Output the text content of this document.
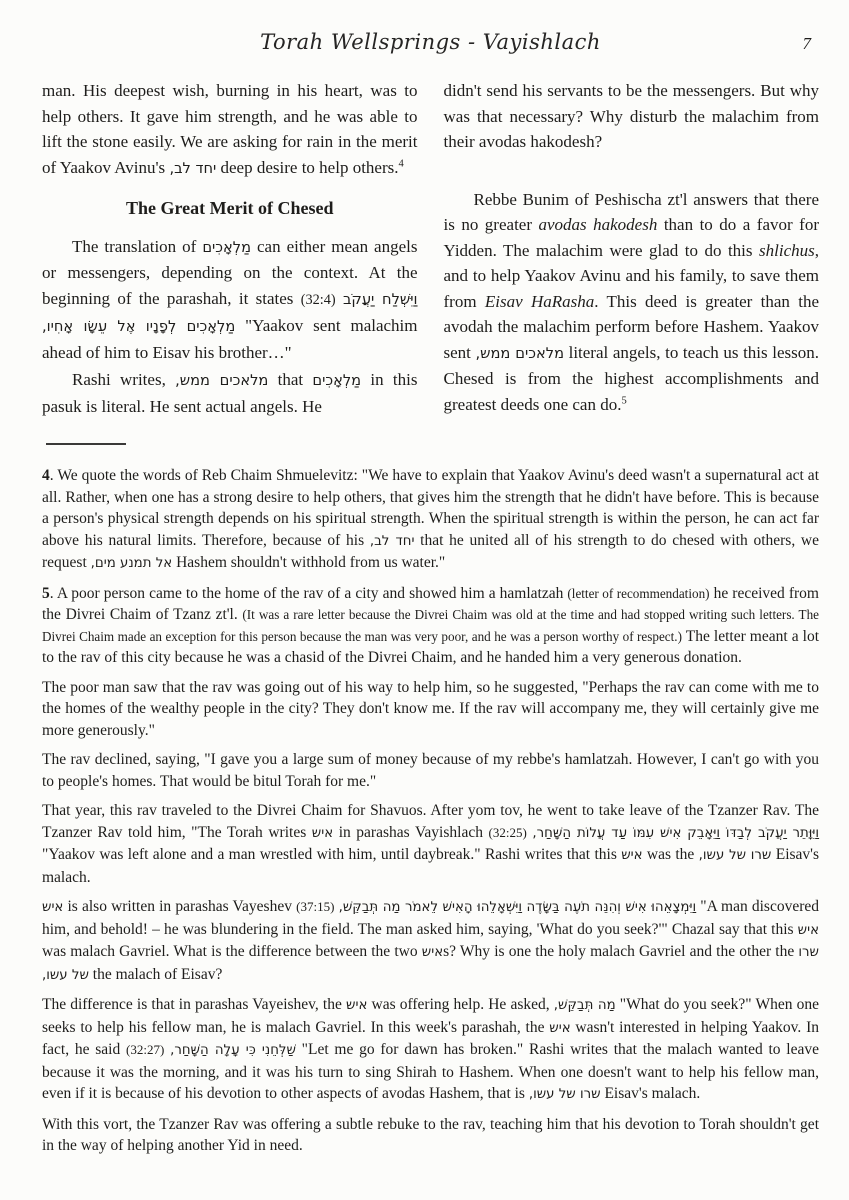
Torah Wellsprings - Vayishlach	7

man. His deepest wish, burning in his heart, was to help others. It gave him strength, and he was able to lift the stone easily. We are asking for rain in the merit of Yaakov Avinu's יחד לב, deep desire to help others.$^4$

The Great Merit of Chesed

The translation of מַלְאָכִים can either mean angels or messengers, depending on the context. At the beginning of the parashah, it states (32:4) וַיִּשְׁלַח יַעֲקֹב מַלְאָכִים לְפָנָיו אֶל עֵשָׂו אָחִיו, "Yaakov sent malachim ahead of him to Eisav his brother…"

Rashi writes, מלאכים ממש, that מַלְאָכִים in this pasuk is literal. He sent actual angels. He

didn't send his servants to be the messengers. But why was that necessary? Why disturb the malachim from their avodas hakodesh?

Rebbe Bunim of Peshischa zt'l answers that there is no greater avodas hakodesh than to do a favor for Yidden. The malachim were glad to do this shlichus, and to help Yaakov Avinu and his family, to save them from Eisav HaRasha. This deed is greater than the avodah the malachim perform before Hashem. Yaakov sent מלאכים ממש, literal angels, to teach us this lesson. Chesed is from the highest accomplishments and greatest deeds one can do.$^5$

4. We quote the words of Reb Chaim Shmuelevitz: "We have to explain that Yaakov Avinu's deed wasn't a supernatural act at all. Rather, when one has a strong desire to help others, that gives him the strength that he didn't have before. This is because a person's physical strength depends on his spiritual strength. When the spiritual strength is within the person, he can act far above his natural limits. Therefore, because of his יחד לב, that he united all of his strength to do chesed with others, we request אל תמנע מים, Hashem shouldn't withhold from us water."

5. A poor person came to the home of the rav of a city and showed him a hamlatzah (letter of recommendation) he received from the Divrei Chaim of Tzanz zt'l. (It was a rare letter because the Divrei Chaim was old at the time and had stopped writing such letters. The Divrei Chaim made an exception for this person because the man was very poor, and he was a person worthy of respect.) The letter meant a lot to the rav of this city because he was a chasid of the Divrei Chaim, and he handed him a very generous donation.

The poor man saw that the rav was going out of his way to help him, so he suggested, "Perhaps the rav can come with me to the homes of the wealthy people in the city? They don't know me. If the rav will accompany me, they will certainly give me more generously."

The rav declined, saying, "I gave you a large sum of money because of my rebbe's hamlatzah. However, I can't go with you to people's homes. That would be bitul Torah for me."

That year, this rav traveled to the Divrei Chaim for Shavuos. After yom tov, he went to take leave of the Tzanzer Rav. The Tzanzer Rav told him, "The Torah writes איש in parashas Vayishlach (32:25) וַיִּוָּתֵר יַעֲקֹב לְבַדּוֹ וַיֵּאָבֵק אִישׁ עִמּוֹ עַד עֲלוֹת הַשָּׁחַר, "Yaakov was left alone and a man wrestled with him, until daybreak." Rashi writes that this איש was the שרו של עשו, Eisav's malach.

איש is also written in parashas Vayeshev (37:15) וַיִּמְצָאֵהוּ אִישׁ וְהִנֵּה תֹעֶה בַּשָּׂדֶה וַיִּשְׁאָלֵהוּ הָאִישׁ לֵאמֹר מַה תְּבַקֵּשׁ, "A man discovered him, and behold! – he was blundering in the field. The man asked him, saying, 'What do you seek?'" Chazal say that this איש was malach Gavriel. What is the difference between the two אישs? Why is one the holy malach Gavriel and the other the שרו של עשו, the malach of Eisav?

The difference is that in parashas Vayeishev, the איש was offering help. He asked, מַה תְּבַקֵּשׁ, "What do you seek?" When one seeks to help his fellow man, he is malach Gavriel. In this week's parashah, the איש wasn't interested in helping Yaakov. In fact, he said (32:27) שַׁלְּחֵנִי כִּי עָלָה הַשָּׁחַר, "Let me go for dawn has broken." Rashi writes that the malach wanted to leave because it was the morning, and it was his turn to sing Shirah to Hashem. When one doesn't want to help his fellow man, even if it is because of his devotion to other aspects of avodas Hashem, that is שרו של עשו, Eisav's malach.

With this vort, the Tzanzer Rav was offering a subtle rebuke to the rav, teaching him that his devotion to Torah shouldn't get in the way of helping another Yid in need.
